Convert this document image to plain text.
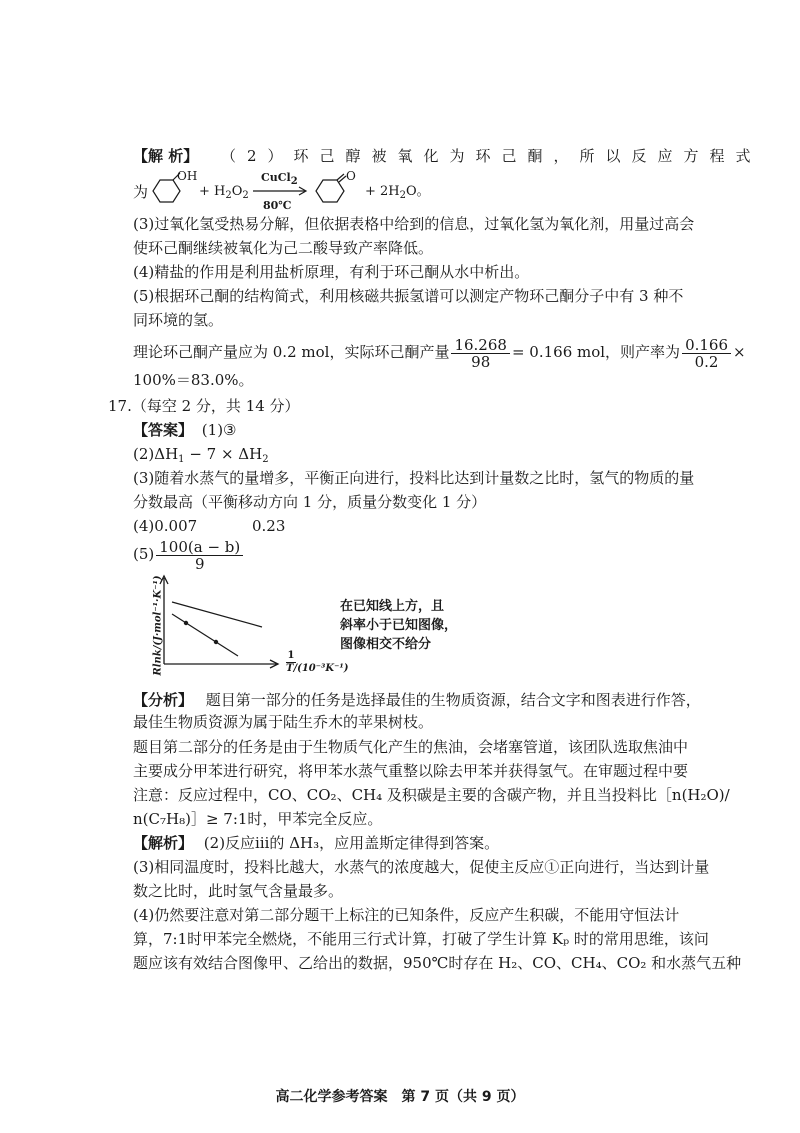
【解 析】 （2）环己醇被氧化为环己酮，所以反应方程式
为
OH
+ $H_2O_2$
CuCl$_2$
80℃
O
+ $2H_2O$。
(3)过氧化氢受热易分解，但依据表格中给到的信息，过氧化氢为氧化剂，用量过高会
使环己酮继续被氧化为己二酸导致产率降低。
(4)精盐的作用是利用盐析原理，有利于环己酮从水中析出。
(5)根据环己酮的结构简式，利用核磁共振氢谱可以测定产物环己酮分子中有 3 种不
同环境的氢。
理论环己酮产量应为 0.2 mol，实际环己酮产量 $\frac{16.268}{98} = 0.166$ mol，则产率为 $\frac{0.166}{0.2}$ ×
100%＝83.0%。
17.（每空 2 分，共 14 分）
【答案】 (1)③
$(2)\Delta H_1 - 7 \times \Delta H_2$
(3)随着水蒸气的量增多，平衡正向进行，投料比达到计量数之比时，氢气的物质的量
分数最高（平衡移动方向 1 分，质量分数变化 1 分）
(4)0.007	0.23
$(5) \frac{100(a - b)}{9}$
Rlnk/(J·mol⁻¹·K⁻¹)	1
T/(10⁻³K⁻¹)
在已知线上方，且
斜率小于已知图像，
图像相交不给分
【分析】 题目第一部分的任务是选择最佳的生物质资源，结合文字和图表进行作答，
最佳生物质资源为属于陆生乔木的苹果树枝。
题目第二部分的任务是由于生物质气化产生的焦油，会堵塞管道，该团队选取焦油中
主要成分甲苯进行研究，将甲苯水蒸气重整以除去甲苯并获得氢气。在审题过程中要
注意：反应过程中，CO、CO₂、CH₄ 及积碳是主要的含碳产物，并且当投料比［n(H₂O)/
n(C₇H₈)］≥ 7:1时，甲苯完全反应。
【解析】 (2)反应ⅲ的 ΔH₃，应用盖斯定律得到答案。
(3)相同温度时，投料比越大，水蒸气的浓度越大，促使主反应①正向进行，当达到计量
数之比时，此时氢气含量最多。
(4)仍然要注意对第二部分题干上标注的已知条件，反应产生积碳，不能用守恒法计
算，7:1时甲苯完全燃烧，不能用三行式计算，打破了学生计算 Kₚ 时的常用思维，该问
题应该有效结合图像甲、乙给出的数据，950℃时存在 H₂、CO、CH₄、CO₂ 和水蒸气五种
高二化学参考答案　第 7 页（共 9 页）
